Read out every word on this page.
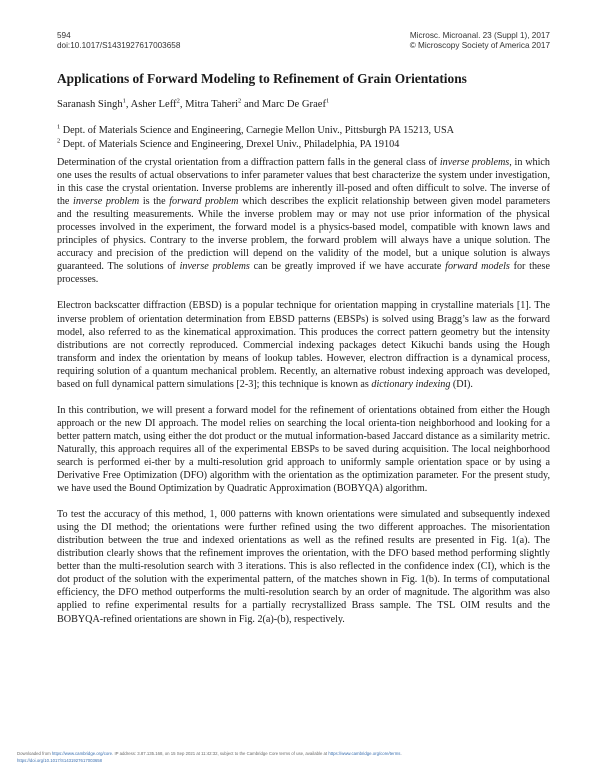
594
doi:10.1017/S1431927617003658
Microsc. Microanal. 23 (Suppl 1), 2017
© Microscopy Society of America 2017
Applications of Forward Modeling to Refinement of Grain Orientations
Saranash Singh$^1$, Asher Leff$^2$, Mitra Taheri$^2$ and Marc De Graef$^1$
$^1$ Dept. of Materials Science and Engineering, Carnegie Mellon Univ., Pittsburgh PA 15213, USA
$^2$ Dept. of Materials Science and Engineering, Drexel Univ., Philadelphia, PA 19104

Determination of the crystal orientation from a diffraction pattern falls in the general class of inverse problems, in which one uses the results of actual observations to infer parameter values that best characterize the system under investigation, in this case the crystal orientation. Inverse problems are inherently ill-posed and often difficult to solve. The inverse of the inverse problem is the forward problem which describes the explicit relationship between given model parameters and the resulting measurements. While the inverse problem may or may not use prior information of the physical processes involved in the experiment, the forward model is a physics-based model, compatible with known laws and principles of physics. Contrary to the inverse problem, the forward problem will always have a unique solution. The accuracy and precision of the prediction will depend on the validity of the model, but a unique solution is always guaranteed. The solutions of inverse problems can be greatly improved if we have accurate forward models for these processes.

Electron backscatter diffraction (EBSD) is a popular technique for orientation mapping in crystalline materials [1]. The inverse problem of orientation determination from EBSD patterns (EBSPs) is solved using Bragg’s law as the forward model, also referred to as the kinematical approximation. This produces the correct pattern geometry but the intensity distributions are not correctly reproduced. Commercial indexing packages detect Kikuchi bands using the Hough transform and index the orientation by means of lookup tables. However, electron diffraction is a dynamical process, requiring solution of a quantum mechanical problem. Recently, an alternative robust indexing approach was developed, based on full dynamical pattern simulations [2-3]; this technique is known as dictionary indexing (DI).

In this contribution, we will present a forward model for the refinement of orientations obtained from either the Hough approach or the new DI approach. The model relies on searching the local orienta-tion neighborhood and looking for a better pattern match, using either the dot product or the mutual information-based Jaccard distance as a similarity metric. Naturally, this approach requires all of the experimental EBSPs to be saved during acquisition. The local neighborhood search is performed ei-ther by a multi-resolution grid approach to uniformly sample orientation space or by using a Derivative Free Optimization (DFO) algorithm with the orientation as the optimization parameter. For the present study, we have used the Bound Optimization by Quadratic Approximation (BOBYQA) algorithm.

To test the accuracy of this method, 1, 000 patterns with known orientations were simulated and subsequently indexed using the DI method; the orientations were further refined using the two different approaches. The misorientation distribution between the true and indexed orientations as well as the refined results are presented in Fig. 1(a). The distribution clearly shows that the refinement improves the orientation, with the DFO based method performing slightly better than the multi-resolution search with 3 iterations. This is also reflected in the confidence index (CI), which is the dot product of the solution with the experimental pattern, of the matches shown in Fig. 1(b). In terms of computational efficiency, the DFO method outperforms the multi-resolution search by an order of magnitude. The algorithm was also applied to refine experimental results for a partially recrystallized Brass sample. The TSL OIM results and the BOBYQA-refined orientations are shown in Fig. 2(a)-(b), respectively.

Downloaded from https://www.cambridge.org/core. IP address: 3.87.135.168, on 15 Sep 2021 at 11:42:32, subject to the Cambridge Core terms of use, available at https://www.cambridge.org/core/terms.
https://doi.org/10.1017/S1431927617003658
